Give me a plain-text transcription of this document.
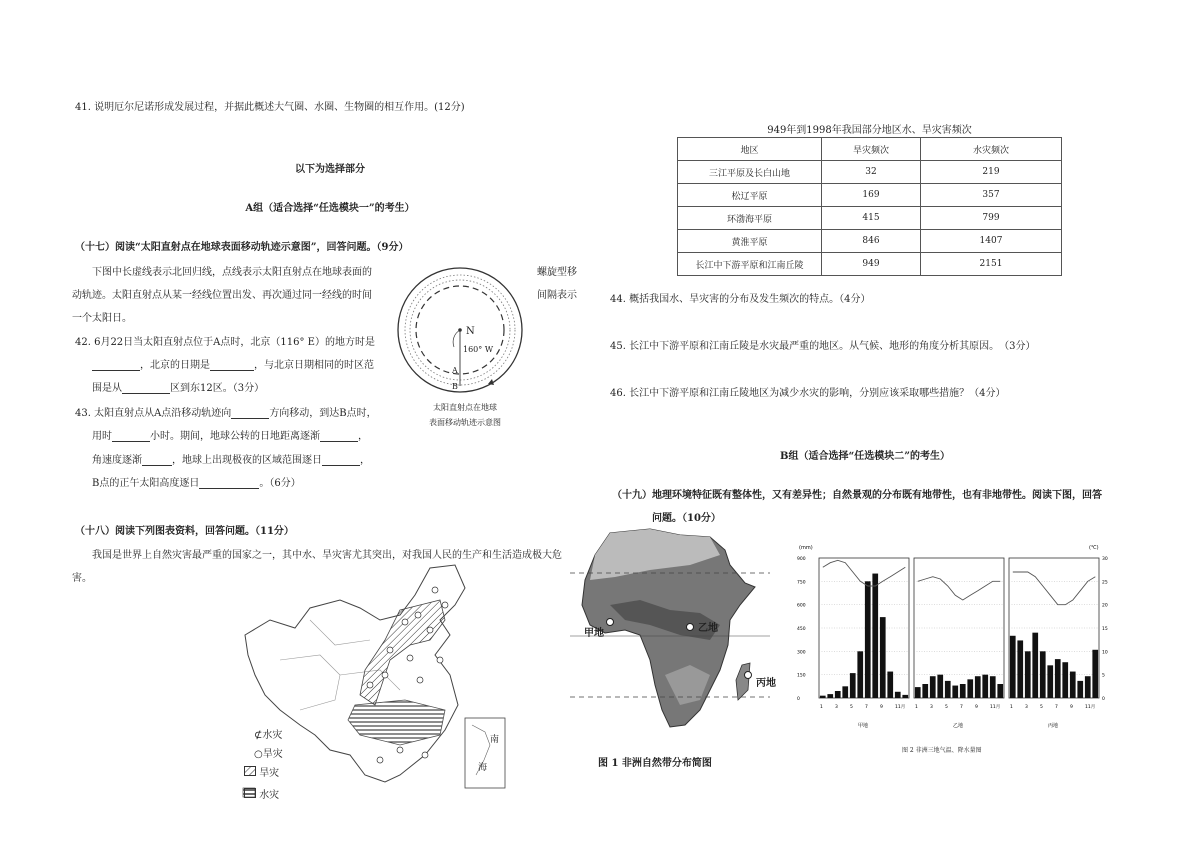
41. 说明厄尔尼诺形成发展过程，并据此概述大气圈、水圈、生物圈的相互作用。(12分)
以下为选择部分
A组（适合选择“任选模块一”的考生）
（十七）阅读“太阳直射点在地球表面移动轨迹示意图”，回答问题。（9分）
下图中长虚线表示北回归线，点线表示太阳直射点在地球表面的	螺旋型移
动轨迹。太阳直射点从某一经线位置出发、再次通过同一经线的时间	间隔表示
一个太阳日。
42. 6月22日当太阳直射点位于A点时，北京（116° E）的地方时是
，北京的日期是	，与北京日期相同的时区范
围是从	区到东12区。（3分）
43. 太阳直射点从A点沿移动轨迹向	方向移动，到达B点时，
用时	小时。期间，地球公转的日地距离逐渐	，
角速度逐渐	，地球上出现极夜的区域范围逐日	，
B点的正午太阳高度逐日	。（6分）
N
160° W
A
B
太阳直射点在地球
表面移动轨迹示意图
（十八）阅读下列图表资料，回答问题。（11分）
我国是世界上自然灾害最严重的国家之一，其中水、旱灾害尤其突出，对我国人民的生产和生活造成极大危
害。
南
海
⊄水灾
○旱灾
旱灾
水灾
949年到1998年我国部分地区水、旱灾害频次
地区	旱灾频次	水灾频次
三江平原及长白山地	32	219
松辽平原	169	357
环渤海平原	415	799
黄淮平原	846	1407
长江中下游平原和江南丘陵	949	2151
44. 概括我国水、旱灾害的分布及发生频次的特点。（4分）
45. 长江中下游平原和江南丘陵是水灾最严重的地区。从气候、地形的角度分析其原因。　（3分）
46. 长江中下游平原和江南丘陵地区为减少水灾的影响，分别应该采取哪些措施？（4分）
B组（适合选择“任选模块二”的考生）
（十九）地理环境特征既有整体性，又有差异性；自然景观的分布既有地带性，也有非地带性。阅读下图，回答
问题。（10分）
甲地	乙地
丙地
图 1 非洲自然带分布简图
(mm)	(℃)
900
750
600
450
300
150
0
30
25
20
15
10
5
0
1	3	5	7	9	11月
甲地
1	3	5	7	9	11月
乙地
1	3	5	7	9	11月
丙地
图 2 非洲三地气温、降水量图
